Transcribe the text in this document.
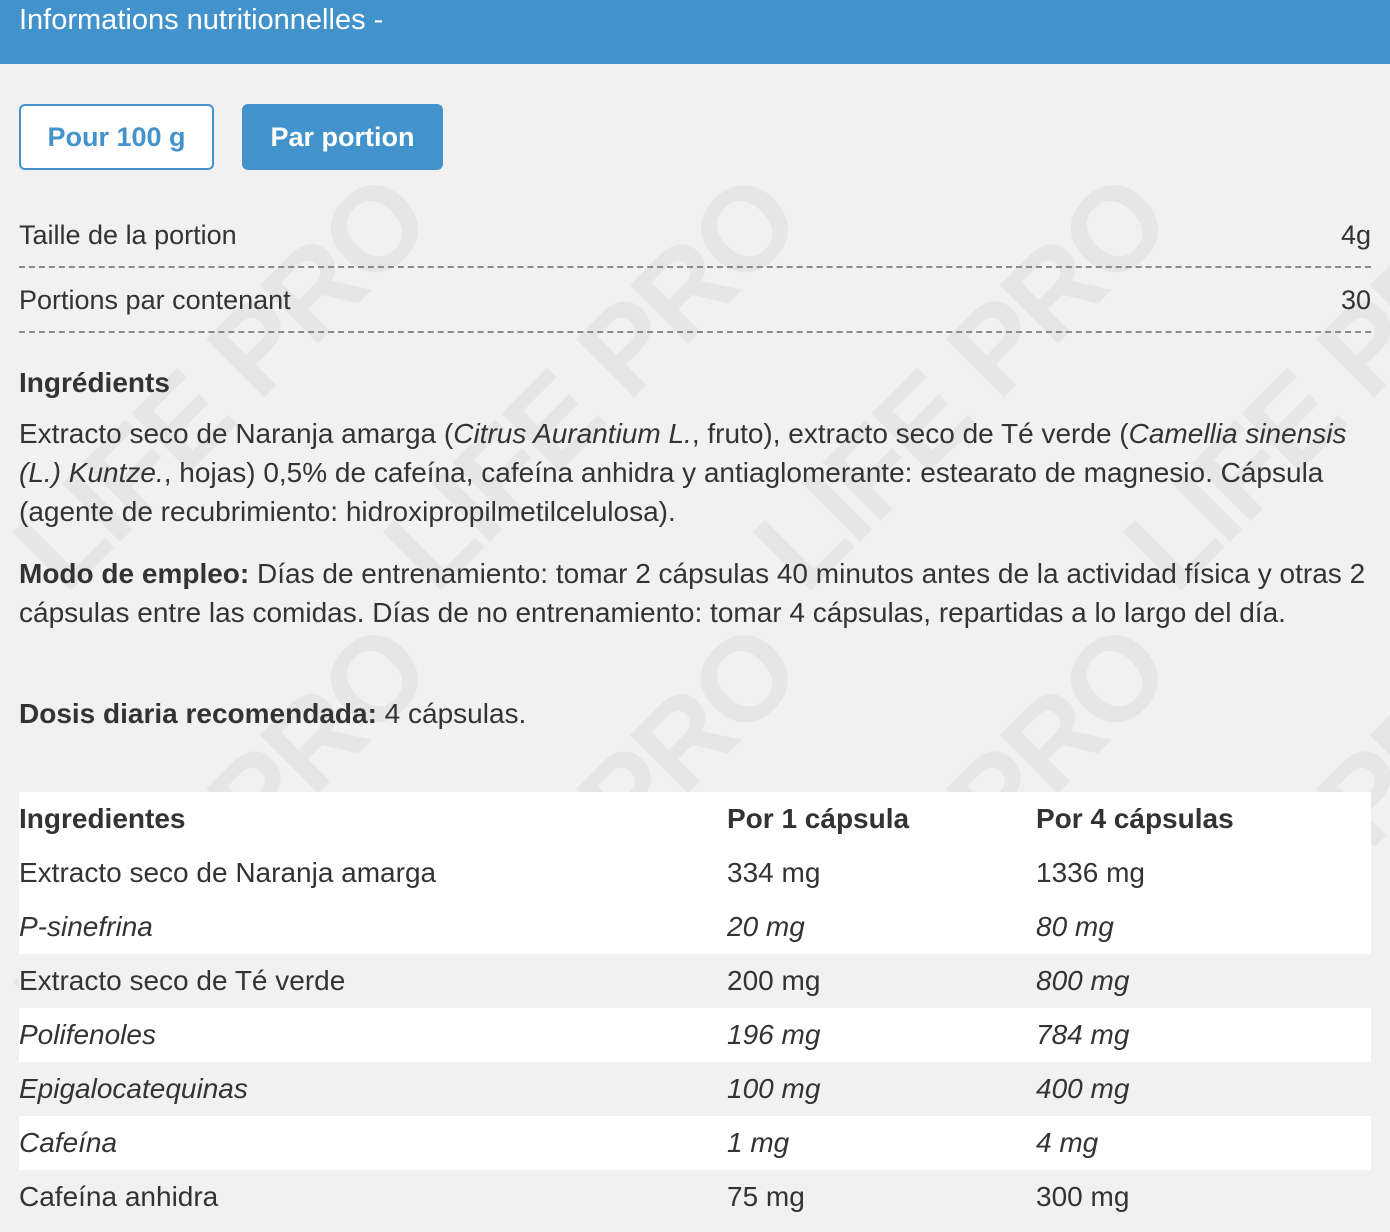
Informations nutritionnelles -
Pour 100 g	Par portion
Taille de la portion	4g
Portions par contenant	30
Ingrédients
Extracto seco de Naranja amarga (Citrus Aurantium L., fruto), extracto seco de Té verde (Camellia sinensis (L.) Kuntze., hojas) 0,5% de cafeína, cafeína anhidra y antiaglomerante: estearato de magnesio. Cápsula (agente de recubrimiento: hidroxipropilmetilcelulosa).
Modo de empleo: Días de entrenamiento: tomar 2 cápsulas 40 minutos antes de la actividad física y otras 2 cápsulas entre las comidas. Días de no entrenamiento: tomar 4 cápsulas, repartidas a lo largo del día.
Dosis diaria recomendada: 4 cápsulas.
Ingredientes	Por 1 cápsula	Por 4 cápsulas
Extracto seco de Naranja amarga	334 mg	1336 mg
P-sinefrina	20 mg	80 mg
Extracto seco de Té verde	200 mg	800 mg
Polifenoles	196 mg	784 mg
Epigalocatequinas	100 mg	400 mg
Cafeína	1 mg	4 mg
Cafeína anhidra	75 mg	300 mg
